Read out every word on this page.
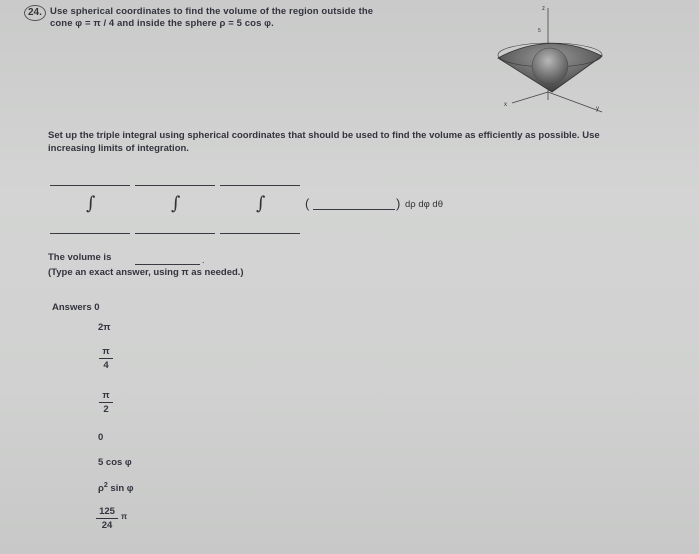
24. Use spherical coordinates to find the volume of the region outside the
cone φ = π / 4 and inside the sphere ρ = 5 cos φ.
z
5
x
y
Set up the triple integral using spherical coordinates that should be used to find the volume as efficiently as possible. Use
increasing limits of integration.
∫	∫	∫	(	) dρ dφ dθ
The volume is	.
(Type an exact answer, using π as needed.)
Answers 0
2π
π
4
π
2
0
5 cos φ
$\rho^2$ sin φ
125
24
π
